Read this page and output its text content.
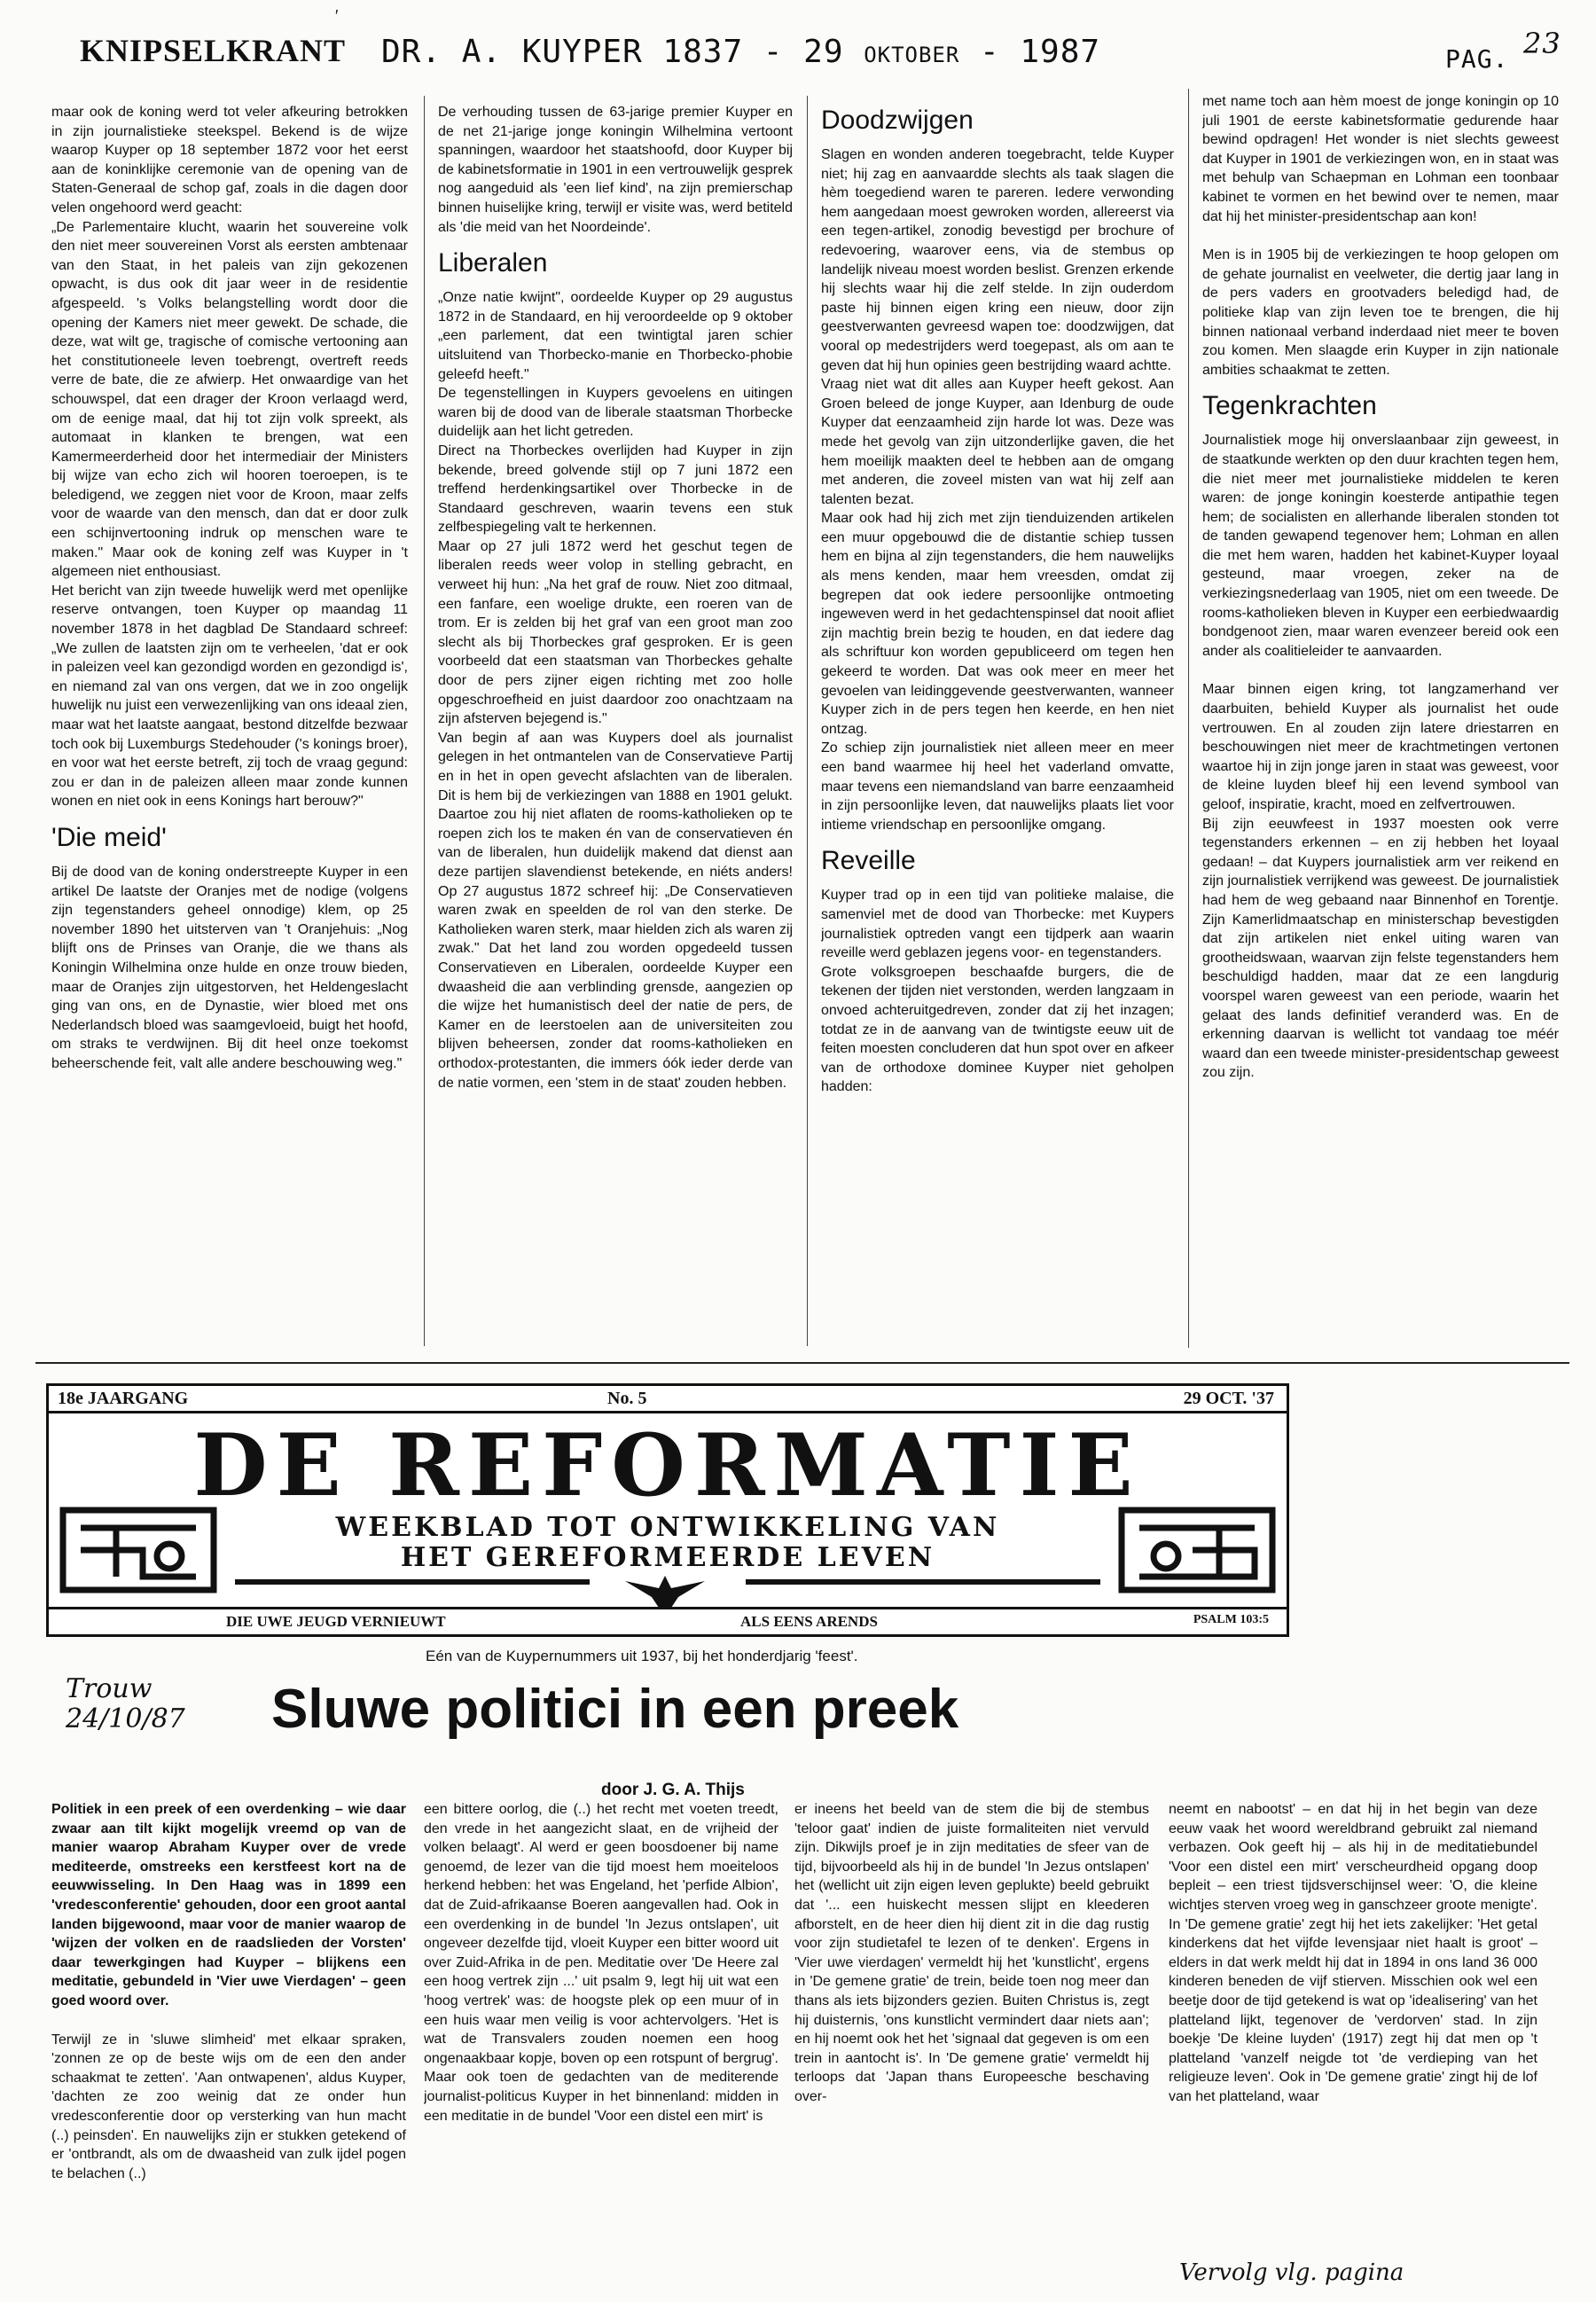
KNIPSELKRANT DR. A. KUYPER 1837 - 29 OKTOBER - 1987	PAG. 23
′

maar ook de koning werd tot veler afkeuring betrokken in zijn journalistieke steekspel. Bekend is de wijze waarop Kuyper op 18 september 1872 voor het eerst aan de koninklijke ceremonie van de opening van de Staten-Generaal de schop gaf, zoals in die dagen door velen ongehoord werd geacht:

„De Parlementaire klucht, waarin het souvereine volk den niet meer souvereinen Vorst als eersten ambtenaar van den Staat, in het paleis van zijn gekozenen opwacht, is dus ook dit jaar weer in de residentie afgespeeld. 's Volks belangstelling wordt door die opening der Kamers niet meer gewekt. De schade, die deze, wat wilt ge, tragische of comische vertooning aan het constitutioneele leven toebrengt, overtreft reeds verre de bate, die ze afwierp. Het onwaardige van het schouwspel, dat een drager der Kroon verlaagd werd, om de eenige maal, dat hij tot zijn volk spreekt, als automaat in klanken te brengen, wat een Kamermeerderheid door het intermediair der Ministers bij wijze van echo zich wil hooren toeroepen, is te beledigend, we zeggen niet voor de Kroon, maar zelfs voor de waarde van den mensch, dan dat er door zulk een schijnvertooning indruk op menschen ware te maken." Maar ook de koning zelf was Kuyper in 't algemeen niet enthousiast.

Het bericht van zijn tweede huwelijk werd met openlijke reserve ontvangen, toen Kuyper op maandag 11 november 1878 in het dagblad De Standaard schreef: „We zullen de laatsten zijn om te verheelen, 'dat er ook in paleizen veel kan gezondigd worden en gezondigd is', en niemand zal van ons vergen, dat we in zoo ongelijk huwelijk nu juist een verwezenlijking van ons ideaal zien, maar wat het laatste aangaat, bestond ditzelfde bezwaar toch ook bij Luxemburgs Stedehouder ('s konings broer), en voor wat het eerste betreft, zij toch de vraag gegund: zou er dan in de paleizen alleen maar zonde kunnen wonen en niet ook in eens Konings hart berouw?"

'Die meid'

Bij de dood van de koning onderstreepte Kuyper in een artikel De laatste der Oranjes met de nodige (volgens zijn tegenstanders geheel onnodige) klem, op 25 november 1890 het uitsterven van 't Oranjehuis: „Nog blijft ons de Prinses van Oranje, die we thans als Koningin Wilhelmina onze hulde en onze trouw bieden, maar de Oranjes zijn uitgestorven, het Heldengeslacht ging van ons, en de Dynastie, wier bloed met ons Nederlandsch bloed was saamgevloeid, buigt het hoofd, om straks te verdwijnen. Bij dit heel onze toekomst beheerschende feit, valt alle andere beschouwing weg."

De verhouding tussen de 63-jarige premier Kuyper en de net 21-jarige jonge koningin Wilhelmina vertoont spanningen, waardoor het staatshoofd, door Kuyper bij de kabinetsformatie in 1901 in een vertrouwelijk gesprek nog aangeduid als 'een lief kind', na zijn premierschap binnen huiselijke kring, terwijl er visite was, werd betiteld als 'die meid van het Noordeinde'.

Liberalen

„Onze natie kwijnt", oordeelde Kuyper op 29 augustus 1872 in de Standaard, en hij veroordeelde op 9 oktober „een parlement, dat een twintigtal jaren schier uitsluitend van Thorbecko-manie en Thorbecko-phobie geleefd heeft."

De tegenstellingen in Kuypers gevoelens en uitingen waren bij de dood van de liberale staatsman Thorbecke duidelijk aan het licht getreden.

Direct na Thorbeckes overlijden had Kuyper in zijn bekende, breed golvende stijl op 7 juni 1872 een treffend herdenkingsartikel over Thorbecke in de Standaard geschreven, waarin tevens een stuk zelfbespiegeling valt te herkennen.

Maar op 27 juli 1872 werd het geschut tegen de liberalen reeds weer volop in stelling gebracht, en verweet hij hun: „Na het graf de rouw. Niet zoo ditmaal, een fanfare, een woelige drukte, een roeren van de trom. Er is zelden bij het graf van een groot man zoo slecht als bij Thorbeckes graf gesproken. Er is geen voorbeeld dat een staatsman van Thorbeckes gehalte door de pers zijner eigen richting met zoo holle opgeschroefheid en juist daardoor zoo onachtzaam na zijn afsterven bejegend is."

Van begin af aan was Kuypers doel als journalist gelegen in het ontmantelen van de Conservatieve Partij en in het in open gevecht afslachten van de liberalen. Dit is hem bij de verkiezingen van 1888 en 1901 gelukt. Daartoe zou hij niet aflaten de rooms-katholieken op te roepen zich los te maken én van de conservatieven én van de liberalen, hun duidelijk makend dat dienst aan deze partijen slavendienst betekende, en niéts anders! Op 27 augustus 1872 schreef hij: „De Conservatieven waren zwak en speelden de rol van den sterke. De Katholieken waren sterk, maar hielden zich als waren zij zwak." Dat het land zou worden opgedeeld tussen Conservatieven en Liberalen, oordeelde Kuyper een dwaasheid die aan verblinding grensde, aangezien op die wijze het humanistisch deel der natie de pers, de Kamer en de leerstoelen aan de universiteiten zou blijven beheersen, zonder dat rooms-katholieken en orthodox-protestanten, die immers óók ieder derde van de natie vormen, een 'stem in de staat' zouden hebben.

Doodzwijgen

Slagen en wonden anderen toegebracht, telde Kuyper niet; hij zag en aanvaardde slechts als taak slagen die hèm toegediend waren te pareren. Iedere verwonding hem aangedaan moest gewroken worden, allereerst via een tegen-artikel, zonodig bevestigd per brochure of redevoering, waarover eens, via de stembus op landelijk niveau moest worden beslist. Grenzen erkende hij slechts waar hij die zelf stelde. In zijn ouderdom paste hij binnen eigen kring een nieuw, door zijn geestverwanten gevreesd wapen toe: doodzwijgen, dat vooral op medestrijders werd toegepast, als om aan te geven dat hij hun opinies geen bestrijding waard achtte.

Vraag niet wat dit alles aan Kuyper heeft gekost. Aan Groen beleed de jonge Kuyper, aan Idenburg de oude Kuyper dat eenzaamheid zijn harde lot was. Deze was mede het gevolg van zijn uitzonderlijke gaven, die het hem moeilijk maakten deel te hebben aan de omgang met anderen, die zoveel misten van wat hij zelf aan talenten bezat.

Maar ook had hij zich met zijn tienduizenden artikelen een muur opgebouwd die de distantie schiep tussen hem en bijna al zijn tegenstanders, die hem nauwelijks als mens kenden, maar hem vreesden, omdat zij begrepen dat ook iedere persoonlijke ontmoeting ingeweven werd in het gedachtenspinsel dat nooit afliet zijn machtig brein bezig te houden, en dat iedere dag als schriftuur kon worden gepubliceerd om tegen hen gekeerd te worden. Dat was ook meer en meer het gevoelen van leidinggevende geestverwanten, wanneer Kuyper zich in de pers tegen hen keerde, en hen niet ontzag.

Zo schiep zijn journalistiek niet alleen meer en meer een band waarmee hij heel het vaderland omvatte, maar tevens een niemandsland van barre eenzaamheid in zijn persoonlijke leven, dat nauwelijks plaats liet voor intieme vriendschap en persoonlijke omgang.

Reveille

Kuyper trad op in een tijd van politieke malaise, die samenviel met de dood van Thorbecke: met Kuypers journalistiek optreden vangt een tijdperk aan waarin reveille werd geblazen jegens voor- en tegenstanders.

Grote volksgroepen beschaafde burgers, die de tekenen der tijden niet verstonden, werden langzaam in onvoed achteruitgedreven, zonder dat zij het inzagen; totdat ze in de aanvang van de twintigste eeuw uit de feiten moesten concluderen dat hun spot over en afkeer van de orthodoxe dominee Kuyper niet geholpen hadden:

met name toch aan hèm moest de jonge koningin op 10 juli 1901 de eerste kabinetsformatie gedurende haar bewind opdragen! Het wonder is niet slechts geweest dat Kuyper in 1901 de verkiezingen won, en in staat was met behulp van Schaepman en Lohman een toonbaar kabinet te vormen en het bewind over te nemen, maar dat hij het minister-presidentschap aan kon!

Men is in 1905 bij de verkiezingen te hoop gelopen om de gehate journalist en veelweter, die dertig jaar lang in de pers vaders en grootvaders beledigd had, de politieke klap van zijn leven toe te brengen, die hij binnen nationaal verband inderdaad niet meer te boven zou komen. Men slaagde erin Kuyper in zijn nationale ambities schaakmat te zetten.

Tegenkrachten

Journalistiek moge hij onverslaanbaar zijn geweest, in de staatkunde werkten op den duur krachten tegen hem, die niet meer met journalistieke middelen te keren waren: de jonge koningin koesterde antipathie tegen hem; de socialisten en allerhande liberalen stonden tot de tanden gewapend tegenover hem; Lohman en allen die met hem waren, hadden het kabinet-Kuyper loyaal gesteund, maar vroegen, zeker na de verkiezingsnederlaag van 1905, niet om een tweede. De rooms-katholieken bleven in Kuyper een eerbiedwaardig bondgenoot zien, maar waren evenzeer bereid ook een ander als coalitieleider te aanvaarden.

Maar binnen eigen kring, tot langzamerhand ver daarbuiten, behield Kuyper als journalist het oude vertrouwen. En al zouden zijn latere driestarren en beschouwingen niet meer de krachtmetingen vertonen waartoe hij in zijn jonge jaren in staat was geweest, voor de kleine luyden bleef hij een levend symbool van geloof, inspiratie, kracht, moed en zelfvertrouwen.

Bij zijn eeuwfeest in 1937 moesten ook verre tegenstanders erkennen – en zij hebben het loyaal gedaan! – dat Kuypers journalistiek arm ver reikend en zijn journalistiek verrijkend was geweest. De journalistiek had hem de weg gebaand naar Binnenhof en Torentje. Zijn Kamerlidmaatschap en ministerschap bevestigden dat zijn artikelen niet enkel uiting waren van grootheidswaan, waarvan zijn felste tegenstanders hem beschuldigd hadden, maar dat ze een langdurig voorspel waren geweest van een periode, waarin het gelaat des lands definitief veranderd was. En de erkenning daarvan is wellicht tot vandaag toe méér waard dan een tweede minister-presidentschap geweest zou zijn.

18e JAARGANG	No. 5	29 OCT. '37
DE REFORMATIE
WEEKBLAD TOT ONTWIKKELING VAN
HET GEREFORMEERDE LEVEN
DIE UWE JEUGD VERNIEUWT	ALS EENS ARENDS	PSALM 103:5
Eén van de Kuypernummers uit 1937, bij het honderdjarig 'feest'.
Trouw
24/10/87 Sluwe politici in een preek
door J. G. A. Thijs

Politiek in een preek of een overdenking – wie daar zwaar aan tilt kijkt mogelijk vreemd op van de manier waarop Abraham Kuyper over de vrede mediteerde, omstreeks een kerstfeest kort na de eeuwwisseling. In Den Haag was in 1899 een 'vredesconferentie' gehouden, door een groot aantal landen bijgewoond, maar voor de manier waarop de 'wijzen der volken en de raadslieden der Vorsten' daar tewerkgingen had Kuyper – blijkens een meditatie, gebundeld in 'Vier uwe Vierdagen' – geen goed woord over.

Terwijl ze in 'sluwe slimheid' met elkaar spraken, 'zonnen ze op de beste wijs om de een den ander schaakmat te zetten'. 'Aan ontwapenen', aldus Kuyper, 'dachten ze zoo weinig dat ze onder hun vredesconferentie door op versterking van hun macht (..) peinsden'. En nauwelijks zijn er stukken getekend of er 'ontbrandt, als om de dwaasheid van zulk ijdel pogen te belachen (..)

een bittere oorlog, die (..) het recht met voeten treedt, den vrede in het aangezicht slaat, en de vrijheid der volken belaagt'. Al werd er geen boosdoener bij name genoemd, de lezer van die tijd moest hem moeiteloos herkend hebben: het was Engeland, het 'perfide Albion', dat de Zuid-afrikaanse Boeren aangevallen had. Ook in een overdenking in de bundel 'In Jezus ontslapen', uit ongeveer dezelfde tijd, vloeit Kuyper een bitter woord uit over Zuid-Afrika in de pen. Meditatie over 'De Heere zal een hoog vertrek zijn ...' uit psalm 9, legt hij uit wat een 'hoog vertrek' was: de hoogste plek op een muur of in een huis waar men veilig is voor achtervolgers. 'Het is wat de Transvalers zouden noemen een hoog ongenaakbaar kopje, boven op een rotspunt of bergrug'. Maar ook toen de gedachten van de mediterende journalist-politicus Kuyper in het binnenland: midden in een meditatie in de bundel 'Voor een distel een mirt' is

er ineens het beeld van de stem die bij de stembus 'teloor gaat' indien de juiste formaliteiten niet vervuld zijn. Dikwijls proef je in zijn meditaties de sfeer van de tijd, bijvoorbeeld als hij in de bundel 'In Jezus ontslapen' het (wellicht uit zijn eigen leven geplukte) beeld gebruikt dat '... een huiskecht messen slijpt en kleederen afborstelt, en de heer dien hij dient zit in die dag rustig voor zijn studietafel te lezen of te denken'. Ergens in 'Vier uwe vierdagen' vermeldt hij het 'kunstlicht', ergens in 'De gemene gratie' de trein, beide toen nog meer dan thans als iets bijzonders gezien. Buiten Christus is, zegt hij duisternis, 'ons kunstlicht vermindert daar niets aan'; en hij noemt ook het het 'signaal dat gegeven is om een trein in aantocht is'. In 'De gemene gratie' vermeldt hij terloops dat 'Japan thans Europeesche beschaving over-

neemt en nabootst' – en dat hij in het begin van deze eeuw vaak het woord wereldbrand gebruikt zal niemand verbazen. Ook geeft hij – als hij in de meditatiebundel 'Voor een distel een mirt' verscheurdheid opgang doop bepleit – een triest tijdsverschijnsel weer: 'O, die kleine wichtjes sterven vroeg weg in ganschzeer groote menigte'. In 'De gemene gratie' zegt hij het iets zakelijker: 'Het getal kinderkens dat het vijfde levensjaar niet haalt is groot' – elders in dat werk meldt hij dat in 1894 in ons land 36 000 kinderen beneden de vijf stierven. Misschien ook wel een beetje door de tijd getekend is wat op 'idealisering' van het platteland lijkt, tegenover de 'verdorven' stad. In zijn boekje 'De kleine luyden' (1917) zegt hij dat men op 't platteland 'vanzelf neigde tot 'de verdieping van het religieuze leven'. Ook in 'De gemene gratie' zingt hij de lof van het platteland, waar

Vervolg vlg. pagina
